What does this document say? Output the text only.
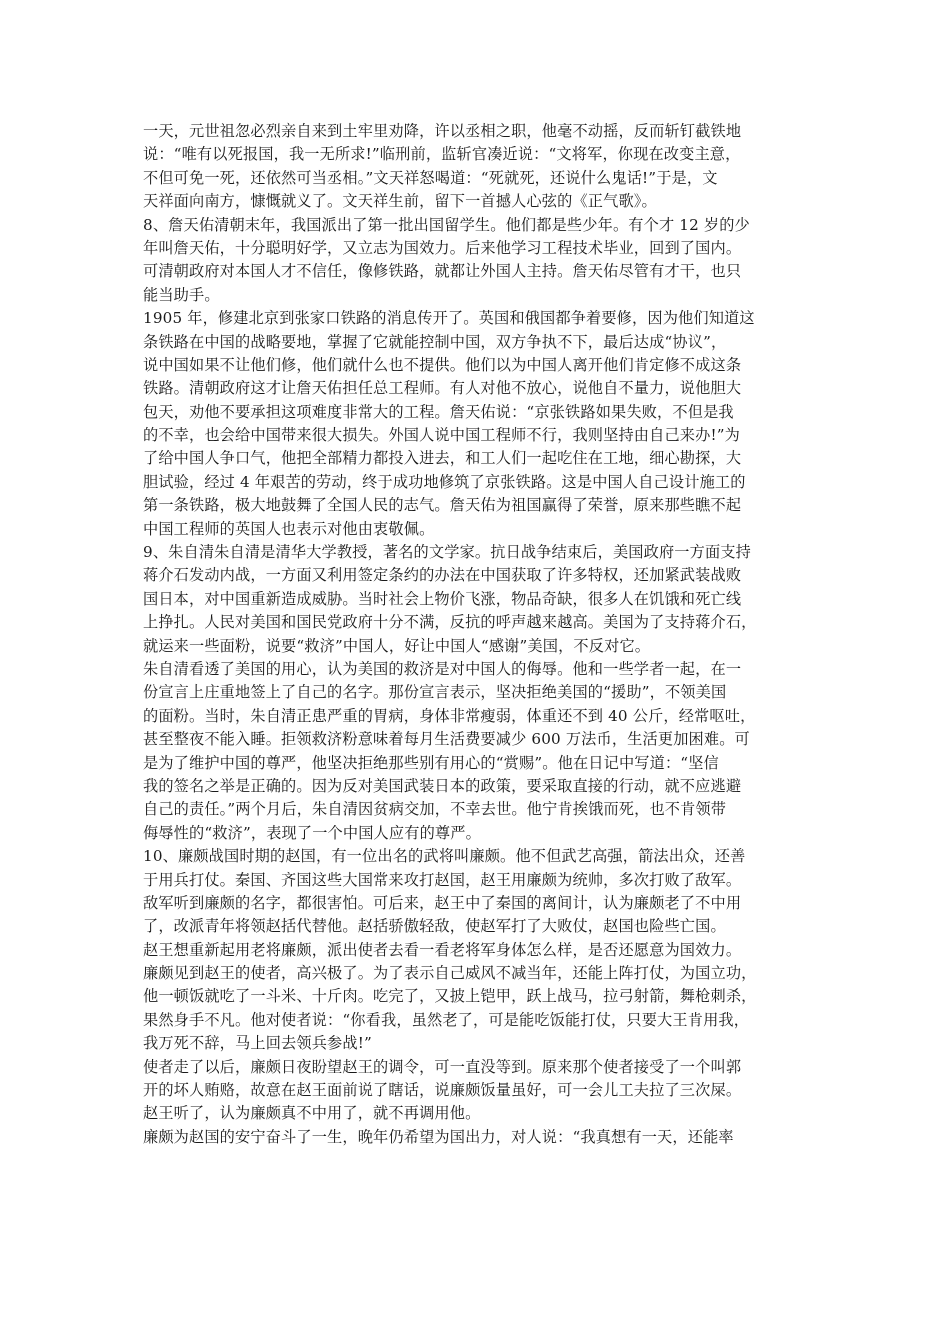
一天，元世祖忽必烈亲自来到土牢里劝降，许以丞相之职，他毫不动摇，反而斩钉截铁地
说：“唯有以死报国，我一无所求!”临刑前，监斩官凑近说：“文将军，你现在改变主意，
不但可免一死，还依然可当丞相。”文天祥怒喝道：“死就死，还说什么鬼话!”于是，文
天祥面向南方，慷慨就义了。文天祥生前，留下一首撼人心弦的《正气歌》。
8、詹天佑清朝末年，我国派出了第一批出国留学生。他们都是些少年。有个才 12 岁的少
年叫詹天佑，十分聪明好学，又立志为国效力。后来他学习工程技术毕业，回到了国内。
可清朝政府对本国人才不信任，像修铁路，就都让外国人主持。詹天佑尽管有才干，也只
能当助手。
1905 年，修建北京到张家口铁路的消息传开了。英国和俄国都争着要修，因为他们知道这
条铁路在中国的战略要地，掌握了它就能控制中国，双方争执不下，最后达成“协议”，
说中国如果不让他们修，他们就什么也不提供。他们以为中国人离开他们肯定修不成这条
铁路。清朝政府这才让詹天佑担任总工程师。有人对他不放心，说他自不量力，说他胆大
包天，劝他不要承担这项难度非常大的工程。詹天佑说：“京张铁路如果失败，不但是我
的不幸，也会给中国带来很大损失。外国人说中国工程师不行，我则坚持由自己来办!”为
了给中国人争口气，他把全部精力都投入进去，和工人们一起吃住在工地，细心勘探，大
胆试验，经过 4 年艰苦的劳动，终于成功地修筑了京张铁路。这是中国人自己设计施工的
第一条铁路，极大地鼓舞了全国人民的志气。詹天佑为祖国赢得了荣誉，原来那些瞧不起
中国工程师的英国人也表示对他由衷敬佩。
9、朱自清朱自清是清华大学教授，著名的文学家。抗日战争结束后，美国政府一方面支持
蒋介石发动内战，一方面又利用签定条约的办法在中国获取了许多特权，还加紧武装战败
国日本，对中国重新造成威胁。当时社会上物价飞涨，物品奇缺，很多人在饥饿和死亡线
上挣扎。人民对美国和国民党政府十分不满，反抗的呼声越来越高。美国为了支持蒋介石，
就运来一些面粉，说要“救济”中国人，好让中国人“感谢”美国，不反对它。
朱自清看透了美国的用心，认为美国的救济是对中国人的侮辱。他和一些学者一起，在一
份宣言上庄重地签上了自己的名字。那份宣言表示，坚决拒绝美国的“援助”，不领美国
的面粉。当时，朱自清正患严重的胃病，身体非常瘦弱，体重还不到 40 公斤，经常呕吐，
甚至整夜不能入睡。拒领救济粉意味着每月生活费要减少 600 万法币，生活更加困难。可
是为了维护中国的尊严，他坚决拒绝那些别有用心的“赏赐”。他在日记中写道：“坚信
我的签名之举是正确的。因为反对美国武装日本的政策，要采取直接的行动，就不应逃避
自己的责任。”两个月后，朱自清因贫病交加，不幸去世。他宁肯挨饿而死，也不肯领带
侮辱性的“救济”，表现了一个中国人应有的尊严。
10、廉颇战国时期的赵国，有一位出名的武将叫廉颇。他不但武艺高强，箭法出众，还善
于用兵打仗。秦国、齐国这些大国常来攻打赵国，赵王用廉颇为统帅，多次打败了敌军。
敌军听到廉颇的名字，都很害怕。可后来，赵王中了秦国的离间计，认为廉颇老了不中用
了，改派青年将领赵括代替他。赵括骄傲轻敌，使赵军打了大败仗，赵国也险些亡国。
赵王想重新起用老将廉颇，派出使者去看一看老将军身体怎么样，是否还愿意为国效力。
廉颇见到赵王的使者，高兴极了。为了表示自己威风不减当年，还能上阵打仗，为国立功，
他一顿饭就吃了一斗米、十斤肉。吃完了，又披上铠甲，跃上战马，拉弓射箭，舞枪刺杀，
果然身手不凡。他对使者说：“你看我，虽然老了，可是能吃饭能打仗，只要大王肯用我，
我万死不辞，马上回去领兵参战!”
使者走了以后，廉颇日夜盼望赵王的调令，可一直没等到。原来那个使者接受了一个叫郭
开的坏人贿赂，故意在赵王面前说了瞎话，说廉颇饭量虽好，可一会儿工夫拉了三次屎。
赵王听了，认为廉颇真不中用了，就不再调用他。
廉颇为赵国的安宁奋斗了一生，晚年仍希望为国出力，对人说：“我真想有一天，还能率
